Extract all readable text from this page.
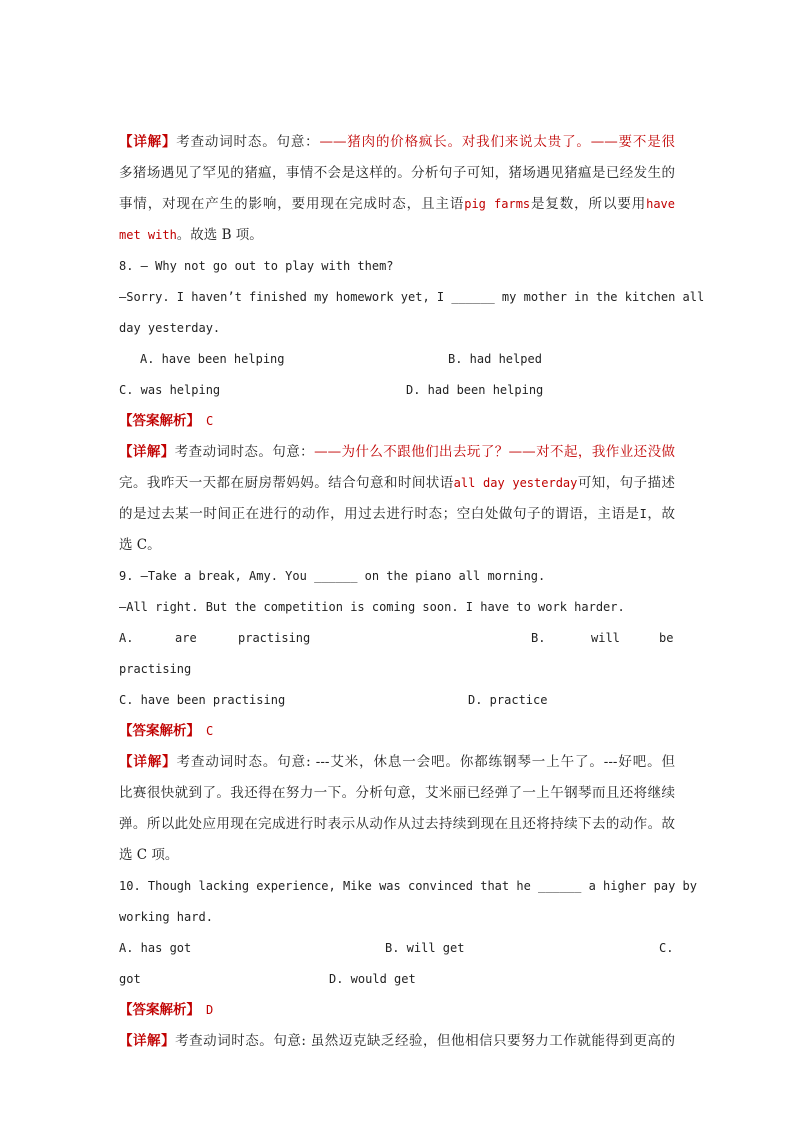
【详解】考查动词时态。句意：——猪肉的价格疯长。对我们来说太贵了。——要不是很
多猪场遇见了罕见的猪瘟，事情不会是这样的。分析句子可知，猪场遇见猪瘟是已经发生的
事情，对现在产生的影响，要用现在完成时态，且主语pig farms是复数，所以要用have
met with。故选 B 项。
8. — Why not go out to play with them?
—Sorry. I haven’t finished my homework yet, I ______ my mother in the kitchen all
day yesterday.
A. have been helping	B. had helped
C. was helping	D. had been helping
【答案解析】 C
【详解】考查动词时态。句意：——为什么不跟他们出去玩了？——对不起，我作业还没做
完。我昨天一天都在厨房帮妈妈。结合句意和时间状语all day yesterday可知，句子描述
的是过去某一时间正在进行的动作，用过去进行时态；空白处做句子的谓语，主语是I，故
选 C。
9. —Take a break, Amy. You ______ on the piano all morning.
—All right. But the competition is coming soon. I have to work harder.
A.	are	practising	B.	will	be
practising
C. have been practising	D. practice
【答案解析】 C
【详解】考查动词时态。句意: ---艾米，休息一会吧。你都练钢琴一上午了。---好吧。但
比赛很快就到了。我还得在努力一下。分析句意，艾米丽已经弹了一上午钢琴而且还将继续
弹。所以此处应用现在完成进行时表示从动作从过去持续到现在且还将持续下去的动作。故
选 C 项。
10. Though lacking experience, Mike was convinced that he ______ a higher pay by
working hard.
A. has got	B. will get	C.
got	D. would get
【答案解析】 D
【详解】考查动词时态。句意: 虽然迈克缺乏经验，但他相信只要努力工作就能得到更高的
